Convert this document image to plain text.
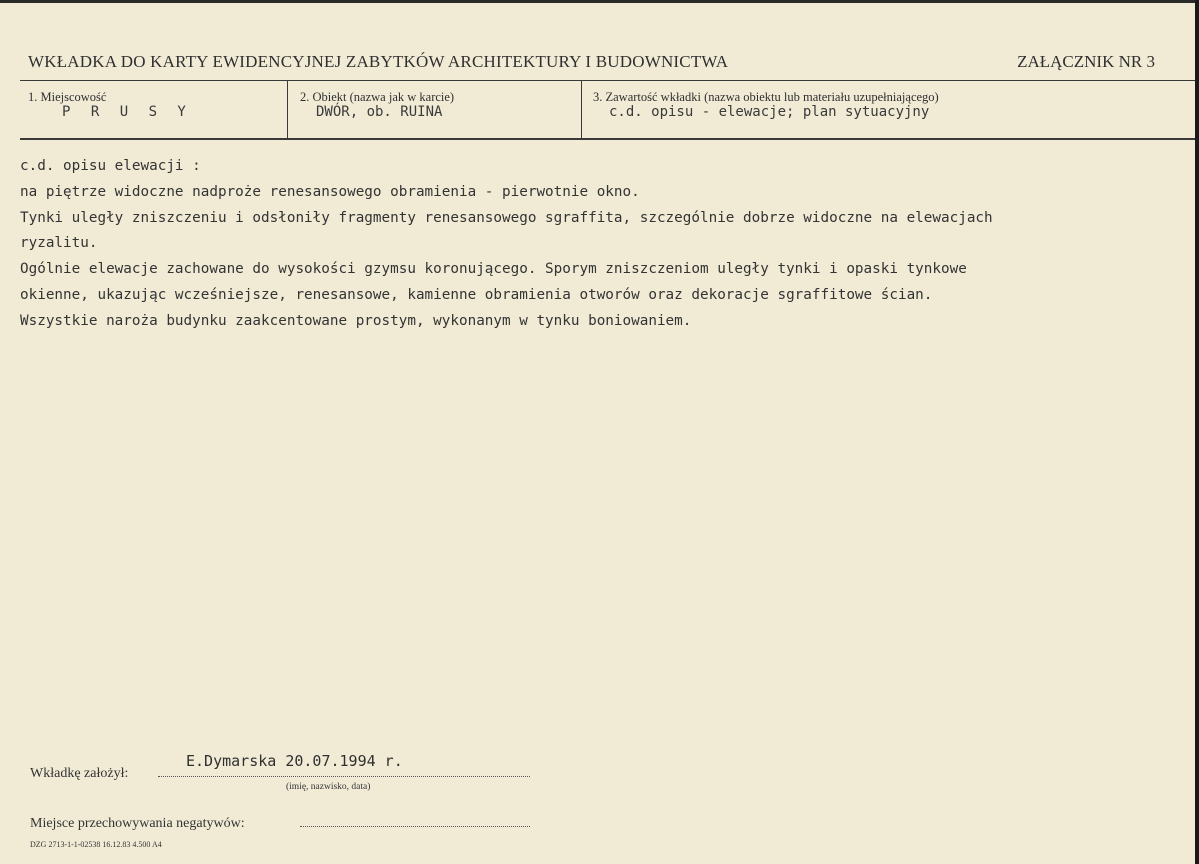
WKŁADKA DO KARTY EWIDENCYJNEJ ZABYTKÓW ARCHITEKTURY I BUDOWNICTWA	ZAŁĄCZNIK NR 3
1. Miejscowość
P R U S Y
2. Obiekt (nazwa jak w karcie)
DWÓR, ob. RUINA
3. Zawartość wkładki (nazwa obiektu lub materiału uzupełniającego)
c.d. opisu - elewacje; plan sytuacyjny
c.d. opisu elewacji :
na piętrze widoczne nadproże renesansowego obramienia - pierwotnie okno.
Tynki uległy zniszczeniu i odsłoniły fragmenty renesansowego sgraffita, szczególnie dobrze widoczne na elewacjach
ryzalitu.
Ogólnie elewacje zachowane do wysokości gzymsu koronującego. Sporym zniszczeniom uległy tynki i opaski tynkowe
okienne, ukazując wcześniejsze, renesansowe, kamienne obramienia otworów oraz dekoracje sgraffitowe ścian.
Wszystkie naroża budynku zaakcentowane prostym, wykonanym w tynku boniowaniem.
Wkładkę założył:
E.Dymarska 20.07.1994 r.
(imię, nazwisko, data)
Miejsce przechowywania negatywów:
DZG 2713-1-1-02538 16.12.83 4.500 A4
